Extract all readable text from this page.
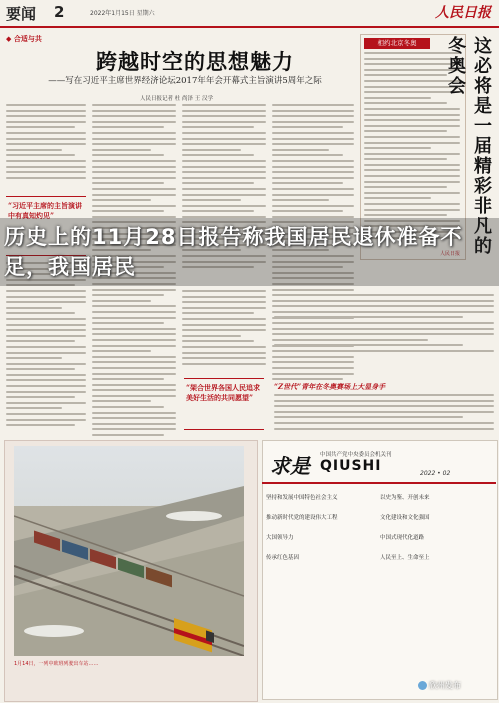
要闻 2	2022年1月15日 星期六	人民日报
◆ 合适与共
跨越时空的思想魅力
——写在习近平主席世界经济论坛2017年年会开幕式主旨演讲5周年之际
人民日报记者 杜 尚泽 王 汉学
“习近平主席的主旨演讲中有真知灼见”
“架合世界各国人民追求美好生活的共同愿望”
相约北京冬奥	这必将是一届精彩非凡的冬奥会
人民日报
“Z世代”青年在冬奥赛场上大显身手
1月14日，一列中欧班列驶出车站……
求是 中国共产党中央委员会机关刊
QIUSHI	2022 • 02
坚持和发展中国特色社会主义	以史为鉴、开创未来
推动新时代党的建设伟大工程	文化建设和文化强国
大国领导力	中国式现代化道路
传承红色基因	人民至上、生命至上
历史上的11月28日报告称我国居民退休准备不足，我国居民
欣州发布
